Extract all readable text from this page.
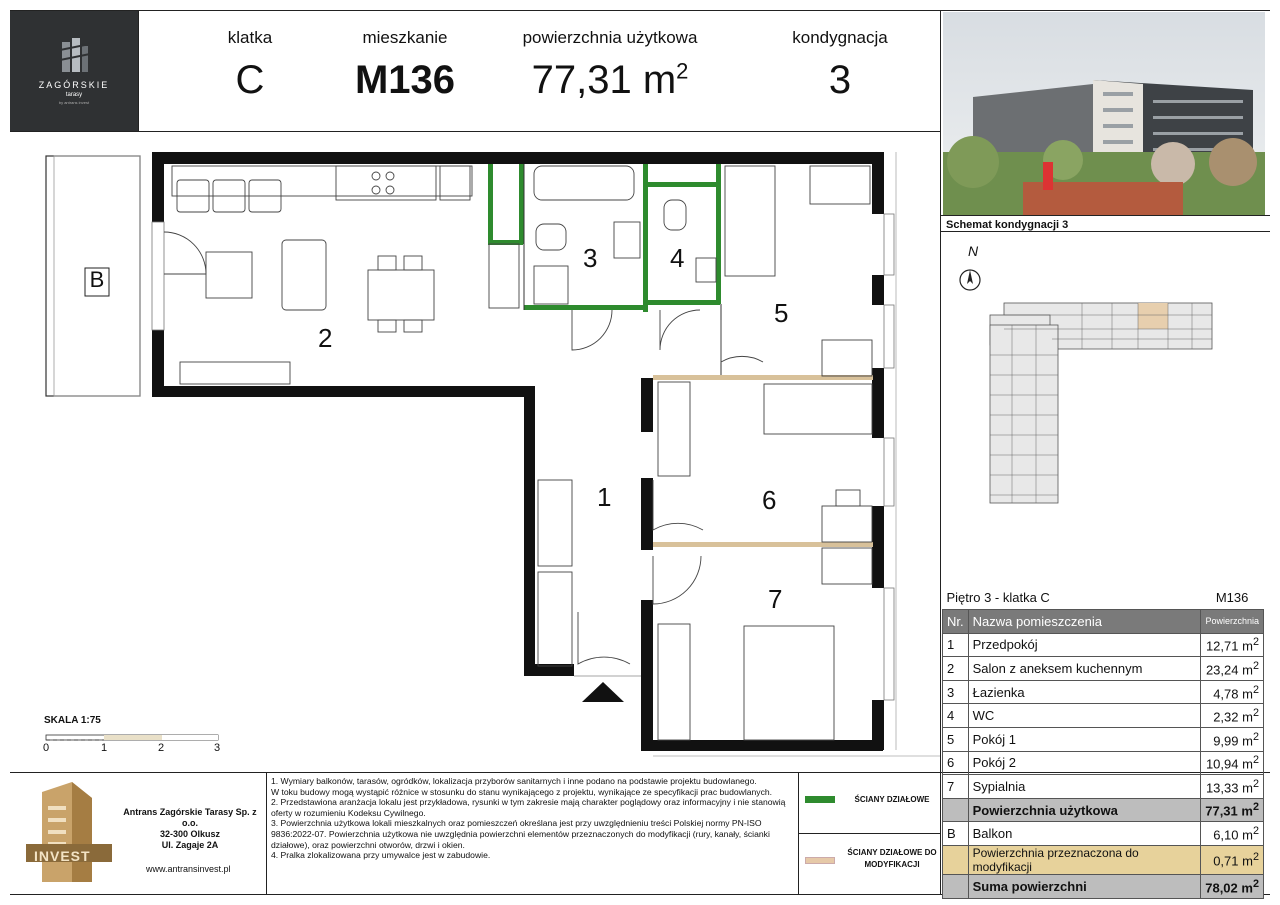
ZAGÓRSKIE
tarasy
by antrans invest
klatka
C
mieszkanie
M136
powierzchnia użytkowa
77,31 $m^2$
kondygnacja
3
B
1
2
3	4
5
6
7
SKALA 1:75
0	1	2	3
Schemat kondygnacji 3
N
Piętro 3 - klatka C		M136
Nr.	Nazwa pomieszczenia	Powierzchnia
1	Przedpokój	12,71 $m^2$
2	Salon z aneksem kuchennym	23,24 $m^2$
3	Łazienka	4,78 $m^2$
4	WC	2,32 $m^2$
5	Pokój 1	9,99 $m^2$
6	Pokój 2	10,94 $m^2$
7	Sypialnia	13,33 $m^2$
	Powierzchnia użytkowa	77,31 $m^2$
B	Balkon	6,10 $m^2$
	Powierzchnia przeznaczona do modyfikacji	0,71 $m^2$
	Suma powierzchni	78,02 $m^2$
INVEST
Antrans Zagórskie Tarasy Sp. z o.o.
32-300 Olkusz
Ul. Zagaje 2A
www.antransinvest.pl
1. Wymiary balkonów, tarasów, ogródków, lokalizacja przyborów sanitarnych i inne podano na podstawie projektu budowlanego.
W toku budowy mogą wystąpić różnice w stosunku do stanu wynikającego z projektu, wynikające ze specyfikacji prac budowlanych.
2. Przedstawiona aranżacja lokalu jest przykładowa, rysunki w tym zakresie mają charakter poglądowy oraz informacyjny i nie stanowią oferty w rozumieniu Kodeksu Cywilnego.
3. Powierzchnia użytkowa lokali mieszkalnych oraz pomieszczeń określana jest przy uwzględnieniu treści Polskiej normy PN-ISO 9836:2022-07. Powierzchnia użytkowa nie uwzględnia powierzchni elementów przeznaczonych do modyfikacji (rury, kanały, ścianki działowe), oraz powierzchni otworów, drzwi i okien.
4. Pralka zlokalizowana przy umywalce jest w zabudowie.
ŚCIANY DZIAŁOWE
ŚCIANY DZIAŁOWE DO MODYFIKACJI
